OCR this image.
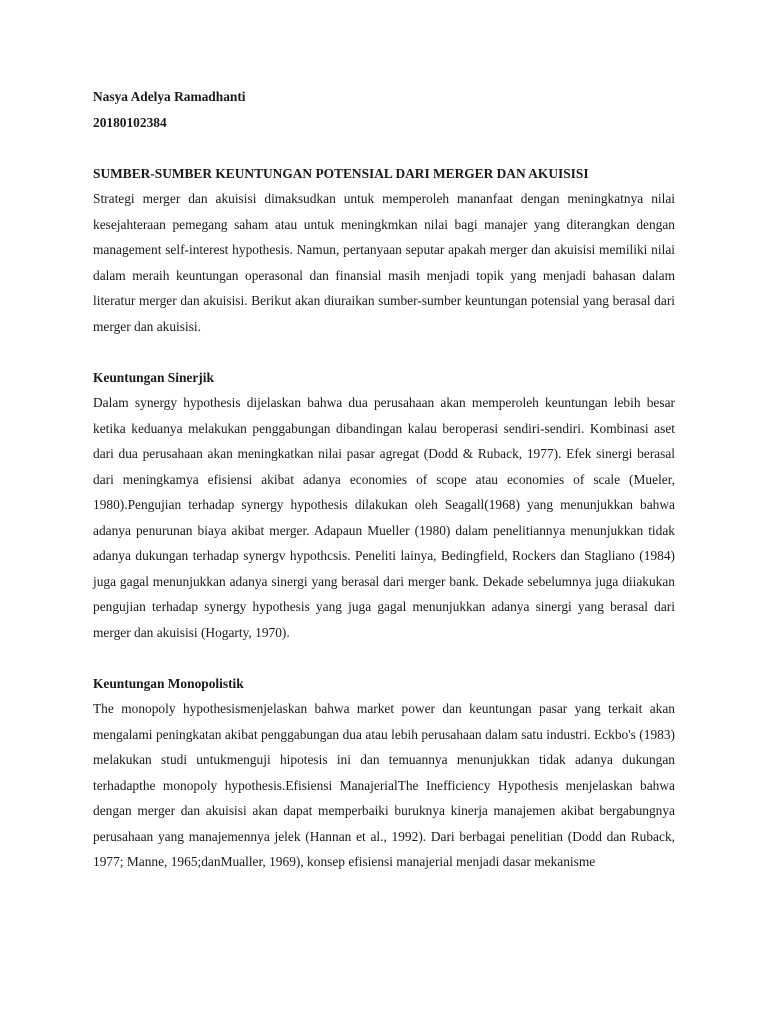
Nasya Adelya Ramadhanti
20180102384
SUMBER-SUMBER KEUNTUNGAN POTENSIAL DARI MERGER DAN AKUISISI

Strategi merger dan akuisisi dimaksudkan untuk memperoleh mananfaat dengan meningkatnya nilai kesejahteraan pemegang saham atau untuk meningkmkan nilai bagi manajer yang diterangkan dengan management self-interest hypothesis. Namun, pertanyaan seputar apakah merger dan akuisisi memiliki nilai dalam meraih keuntungan operasonal dan finansial masih menjadi topik yang menjadi bahasan dalam literatur merger dan akuisisi. Berikut akan diuraikan sumber-sumber keuntungan potensial yang berasal dari merger dan akuisisi.

Keuntungan Sinerjik

Dalam synergy hypothesis dijelaskan bahwa dua perusahaan akan memperoleh keuntungan lebih besar ketika keduanya melakukan penggabungan dibandingan kalau beroperasi sendiri-sendiri. Kombinasi aset dari dua perusahaan akan meningkatkan nilai pasar agregat (Dodd & Ruback, 1977). Efek sinergi berasal dari meningkamya efisiensi akibat adanya economies of scope atau economies of scale (Mueler, 1980).Pengujian terhadap synergy hypothesis dilakukan oleh Seagall(1968) yang menunjukkan bahwa adanya penurunan biaya akibat merger. Adapaun Mueller (1980) dalam penelitiannya menunjukkan tidak adanya dukungan terhadap synergv hypothcsis. Peneliti lainya, Bedingfield, Rockers dan Stagliano (1984) juga gagal menunjukkan adanya sinergi yang berasal dari merger bank. Dekade sebelumnya juga diiakukan pengujian terhadap synergy hypothesis yang juga gagal menunjukkan adanya sinergi yang berasal dari merger dan akuisisi (Hogarty, 1970).

Keuntungan Monopolistik

The monopoly hypothesismenjelaskan bahwa market power dan keuntungan pasar yang terkait akan mengalami peningkatan akibat penggabungan dua atau lebih perusahaan dalam satu industri. Eckbo's (1983) melakukan studi untukmenguji hipotesis ini dan temuannya menunjukkan tidak adanya dukungan terhadapthe monopoly hypothesis.Efisiensi ManajerialThe Inefficiency Hypothesis menjelaskan bahwa dengan merger dan akuisisi akan dapat memperbaiki buruknya kinerja manajemen akibat bergabungnya perusahaan yang manajemennya jelek (Hannan et al., 1992). Dari berbagai penelitian (Dodd dan Ruback, 1977; Manne, 1965;danMualler, 1969), konsep efisiensi manajerial menjadi dasar mekanisme
